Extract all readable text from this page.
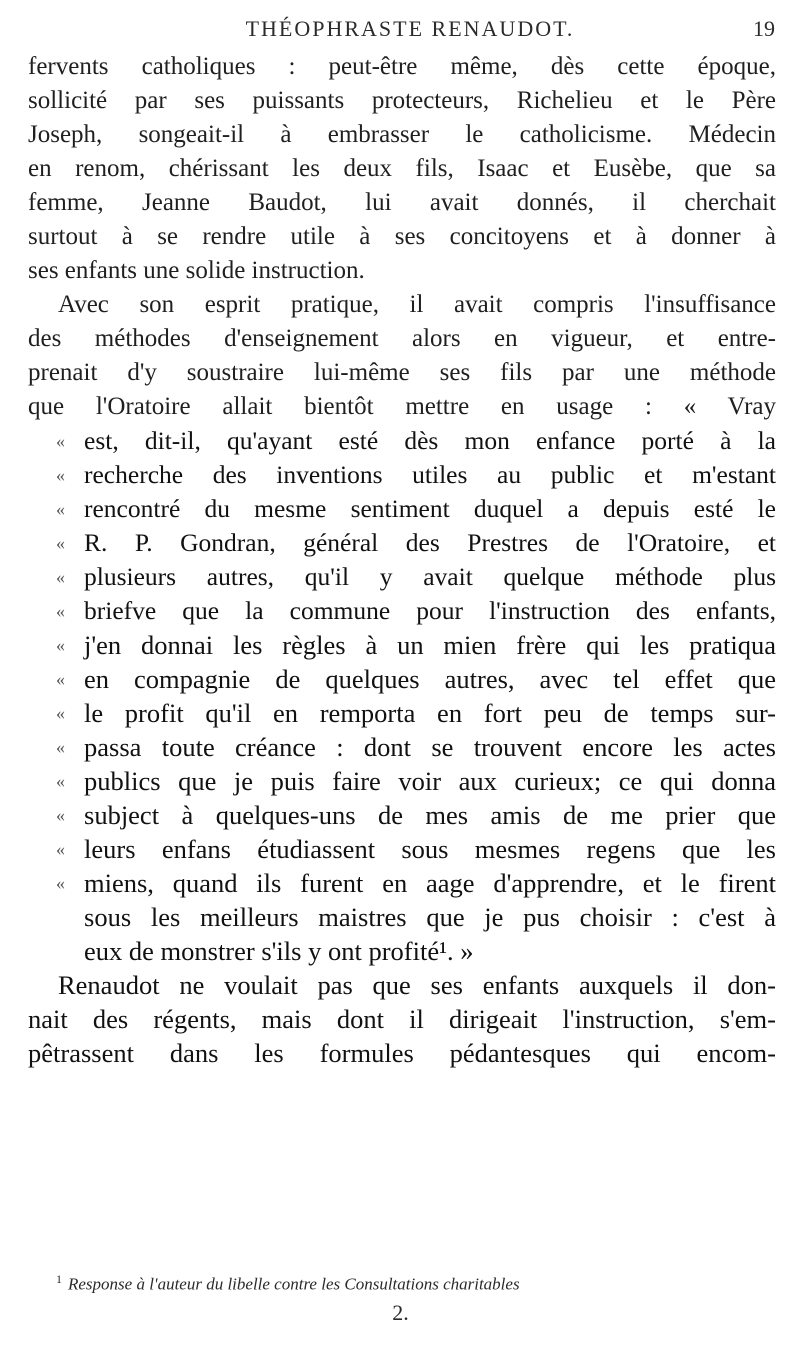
THÉOPHRASTE RENAUDOT.	19
fervents catholiques : peut-être même, dès cette époque,
sollicité par ses puissants protecteurs, Richelieu et le Père
Joseph, songeait-il à embrasser le catholicisme. Médecin
en renom, chérissant les deux fils, Isaac et Eusèbe, que sa
femme, Jeanne Baudot, lui avait donnés, il cherchait
surtout à se rendre utile à ses concitoyens et à donner à
ses enfants une solide instruction.
Avec son esprit pratique, il avait compris l'insuffisance
des méthodes d'enseignement alors en vigueur, et entre-
prenait d'y soustraire lui-même ses fils par une méthode
que l'Oratoire allait bientôt mettre en usage : « Vray
« est, dit-il, qu'ayant esté dès mon enfance porté à la
« recherche des inventions utiles au public et m'estant
« rencontré du mesme sentiment duquel a depuis esté le
« R. P. Gondran, général des Prestres de l'Oratoire, et
« plusieurs autres, qu'il y avait quelque méthode plus
« briefve que la commune pour l'instruction des enfants,
« j'en donnai les règles à un mien frère qui les pratiqua
« en compagnie de quelques autres, avec tel effet que
« le profit qu'il en remporta en fort peu de temps sur-
« passa toute créance : dont se trouvent encore les actes
« publics que je puis faire voir aux curieux; ce qui donna
« subject à quelques-uns de mes amis de me prier que
« leurs enfans étudiassent sous mesmes regens que les
« miens, quand ils furent en aage d'apprendre, et le firent
sous les meilleurs maistres que je pus choisir : c'est à
eux de monstrer s'ils y ont profité¹. »
Renaudot ne voulait pas que ses enfants auxquels il don-
nait des régents, mais dont il dirigeait l'instruction, s'em-
pêtrassent dans les formules pédantesques qui encom-
$^1$ Response à l'auteur du libelle contre les Consultations charitables
2.
